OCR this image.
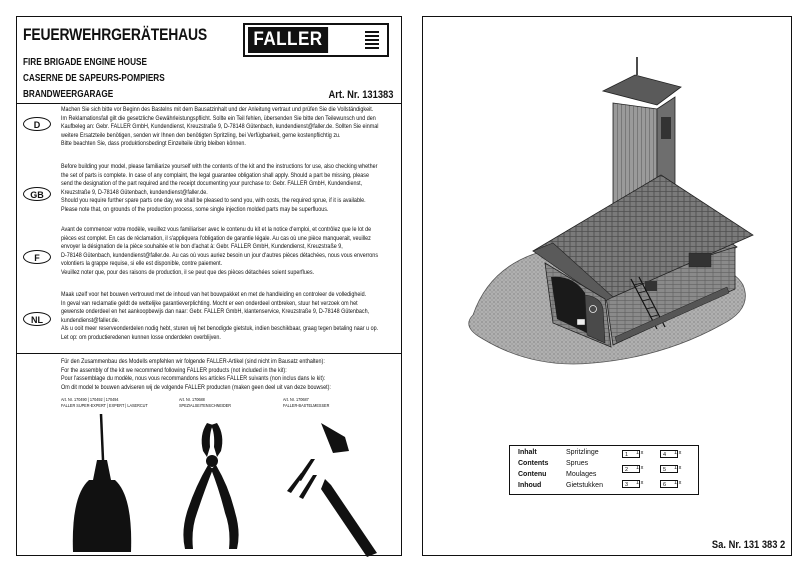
FEUERWEHRGERÄTEHAUS FALLER
FIRE BRIGADE ENGINE HOUSE
CASERNE DE SAPEURS-POMPIERS
BRANDWEERGARAGE	Art. Nr. 131383
D
Machen Sie sich bitte vor Beginn des Bastelns mit dem Bausatzinhalt und der Anleitung vertraut und prüfen Sie die Vollständigkeit.
Im Reklamationsfall gilt die gesetzliche Gewährleistungspflicht. Sollte ein Teil fehlen, übersenden Sie bitte den Teilewunsch und den
Kaufbeleg an: Gebr. FALLER GmbH, Kundendienst, Kreuzstraße 9, D-78148 Gütenbach, kundendienst@faller.de. Sollten Sie einmal
weitere Ersatzteile benötigen, senden wir Ihnen den benötigten Spritzling, bei Verfügbarkeit, gerne kostenpflichtig zu.
Bitte beachten Sie, dass produktionsbedingt Einzelteile übrig bleiben können.
GB
Before building your model, please familiarize yourself with the contents of the kit and the instructions for use, also checking whether
the set of parts is complete. In case of any complaint, the legal guarantee obligation shall apply. Should a part be missing, please
send the designation of the part required and the receipt documenting your purchase to: Gebr. FALLER GmbH, Kundendienst,
Kreuzstraße 9, D-78148 Gütenbach, kundendienst@faller.de.
Should you require further spare parts one day, we shall be pleased to send you, with costs, the required sprue, if it is available.
Please note that, on grounds of the production process, some single injection molded parts may be superfluous.
F
Avant de commencer votre modèle, veuillez vous familiariser avec le contenu du kit et la notice d'emploi, et contrôlez que le lot de
pièces est complet. En cas de réclamation, il s'appliquera l'obligation de garantie légale. Au cas où une pièce manquerait, veuillez
envoyer la désignation de la pièce souhaitée et le bon d'achat à: Gebr. FALLER GmbH, Kundendienst, Kreuzstraße 9,
D-78148 Gütenbach, kundendienst@faller.de. Au cas où vous auriez besoin un jour d'autres pièces détachées, nous vous enverrons
volontiers la grappe requise, si elle est disponible, contre paiement.
Veuillez noter que, pour des raisons de production, il se peut que des pièces détachées soient superflues.
NL
Maak uzelf voor het bouwen vertrouwd met de inhoud van het bouwpakket en met de handleiding en controleer de volledigheid.
In geval van reclamatie geldt de wettelijke garantieverplichting. Mocht er een onderdeel ontbreken, stuur het verzoek om het
gewenste onderdeel en het aankoopbewijs dan naar: Gebr. FALLER GmbH, klantenservice, Kreuzstraße 9, D-78148 Gütenbach,
kundendienst@faller.de.
Als u ooit meer reserveonderdelen nodig hebt, sturen wij het benodigde gietstuk, indien beschikbaar, graag tegen betaling naar u op.
Let op: om productieredenen kunnen losse onderdelen overblijven.
Für den Zusammenbau des Modells empfehlen wir folgende FALLER-Artikel (sind nicht im Bausatz enthalten):
For the assembly of the kit we recommend following FALLER products (not included in the kit):
Pour l'assemblage du modèle, nous vous recommandons les articles FALLER suivants (non inclus dans le kit):
Om dit model te bouwen adviseren wij de volgende FALLER producten (maken geen deel uit van deze bouwset):
Art. Nr. 170490 | 170492 | 170494
FALLER SUPER-EXPERT | EXPERT | LASERCUT
Art. Nr. 170688
SPEZIALSEITENSCHNEIDER
Art. Nr. 170687
FALLER-BASTELMESSER
Inhalt	Spritzlinge
Contents	Sprues
Contenu	Moulages
Inhoud	Gietstukken
1	1 x	4	1 x
2	1 x	5	1 x
3	1 x	6	1 x
Sa. Nr. 131 383 2
